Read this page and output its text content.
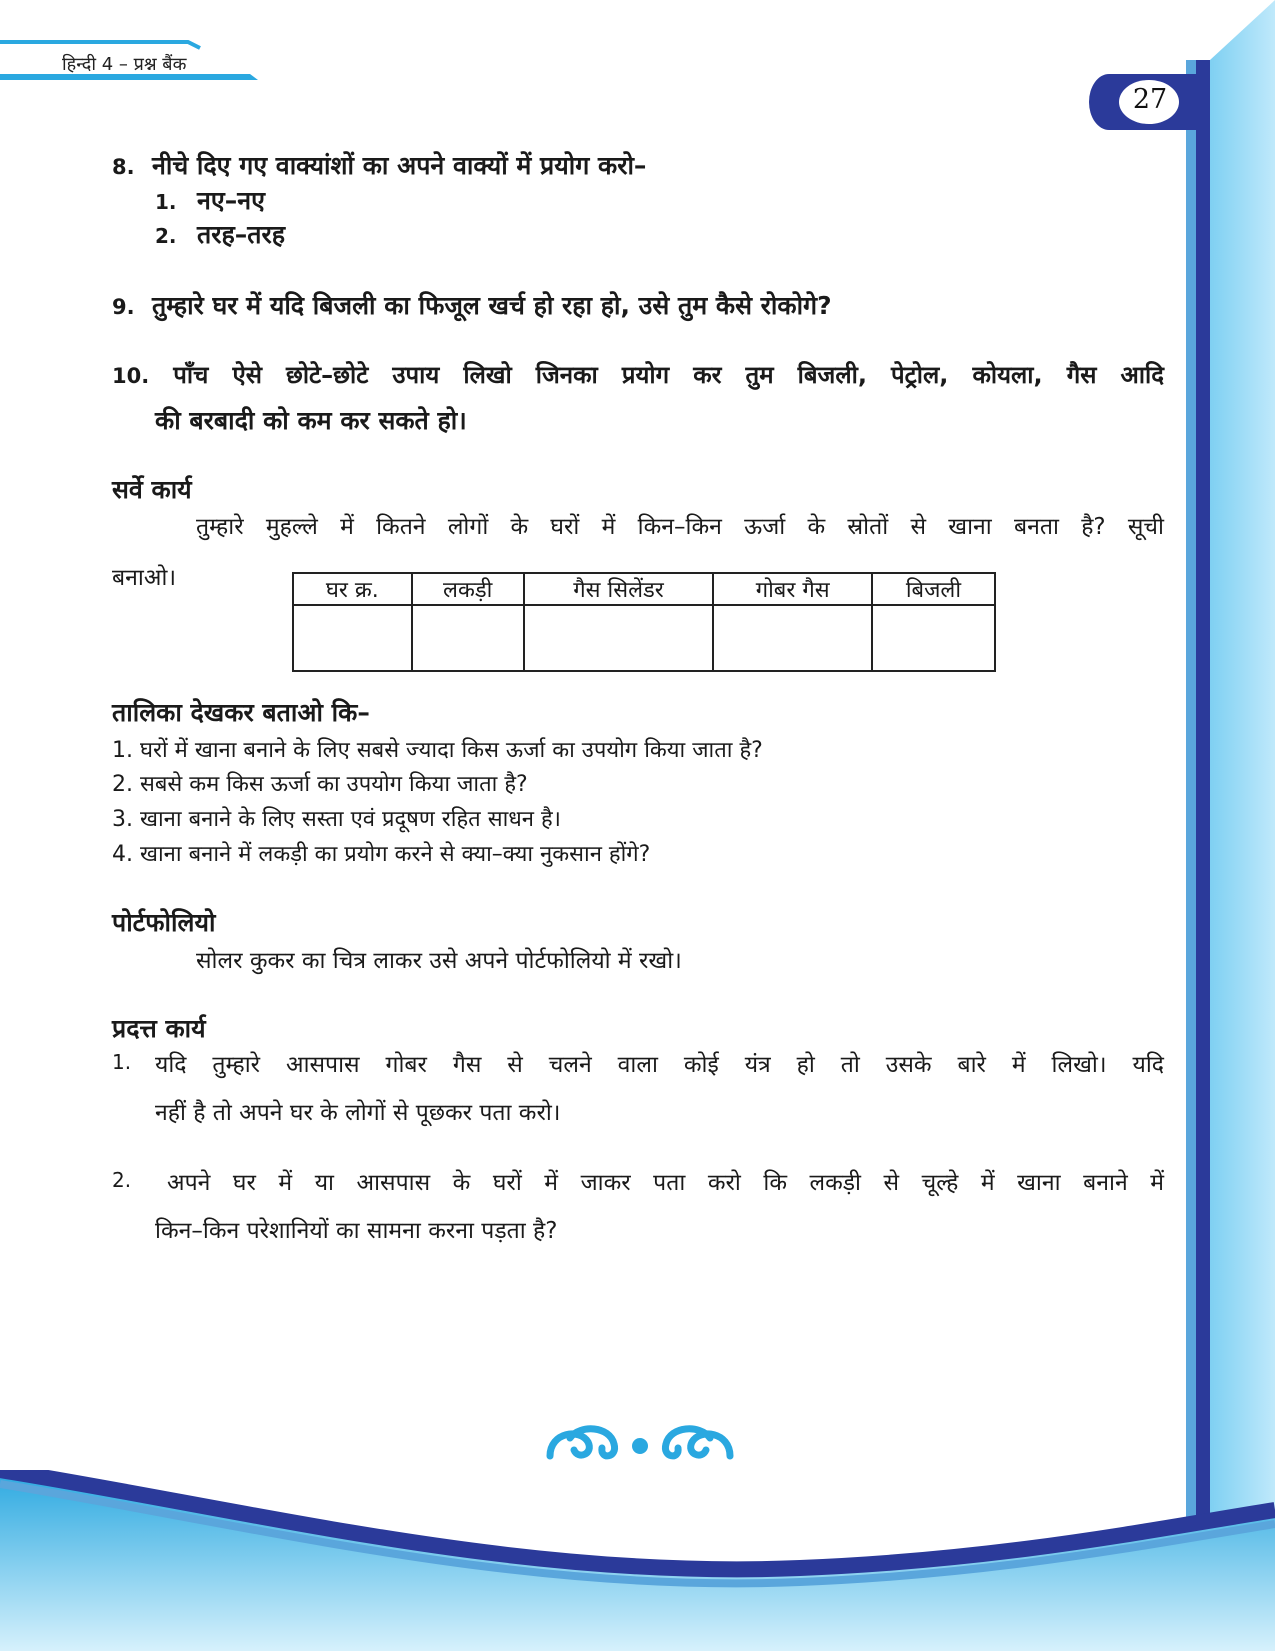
हिन्दी 4 – प्रश्न बैंक
27
8. नीचे दिए गए वाक्यांशों का अपने वाक्यों में प्रयोग करो–
1. नए–नए
2. तरह–तरह
9. तुम्हारे घर में यदि बिजली का फिजूल खर्च हो रहा हो, उसे तुम कैसे रोकोगे?
10. पाँच ऐसे छोटे–छोटे उपाय लिखो जिनका प्रयोग कर तुम बिजली, पेट्रोल, कोयला, गैस आदि
की बरबादी को कम कर सकते हो।
सर्वे कार्य
तुम्हारे मुहल्ले में कितने लोगों के घरों में किन–किन ऊर्जा के स्रोतों से खाना बनता है? सूची
बनाओ।	घर क्र.	लकड़ी	गैस सिलेंडर	गोबर गैस	बिजली

तालिका देखकर बताओ कि–
1. घरों में खाना बनाने के लिए सबसे ज्यादा किस ऊर्जा का उपयोग किया जाता है?
2. सबसे कम किस ऊर्जा का उपयोग किया जाता है?
3. खाना बनाने के लिए सस्ता एवं प्रदूषण रहित साधन है।
4. खाना बनाने में लकड़ी का प्रयोग करने से क्या–क्या नुकसान होंगे?
पोर्टफोलियो
सोलर कुकर का चित्र लाकर उसे अपने पोर्टफोलियो में रखो।
प्रदत्त कार्य
1. यदि तुम्हारे आसपास गोबर गैस से चलने वाला कोई यंत्र हो तो उसके बारे में लिखो। यदि
नहीं है तो अपने घर के लोगों से पूछकर पता करो।
2. अपने घर में या आसपास के घरों में जाकर पता करो कि लकड़ी से चूल्हे में खाना बनाने में
किन–किन परेशानियों का सामना करना पड़ता है?
